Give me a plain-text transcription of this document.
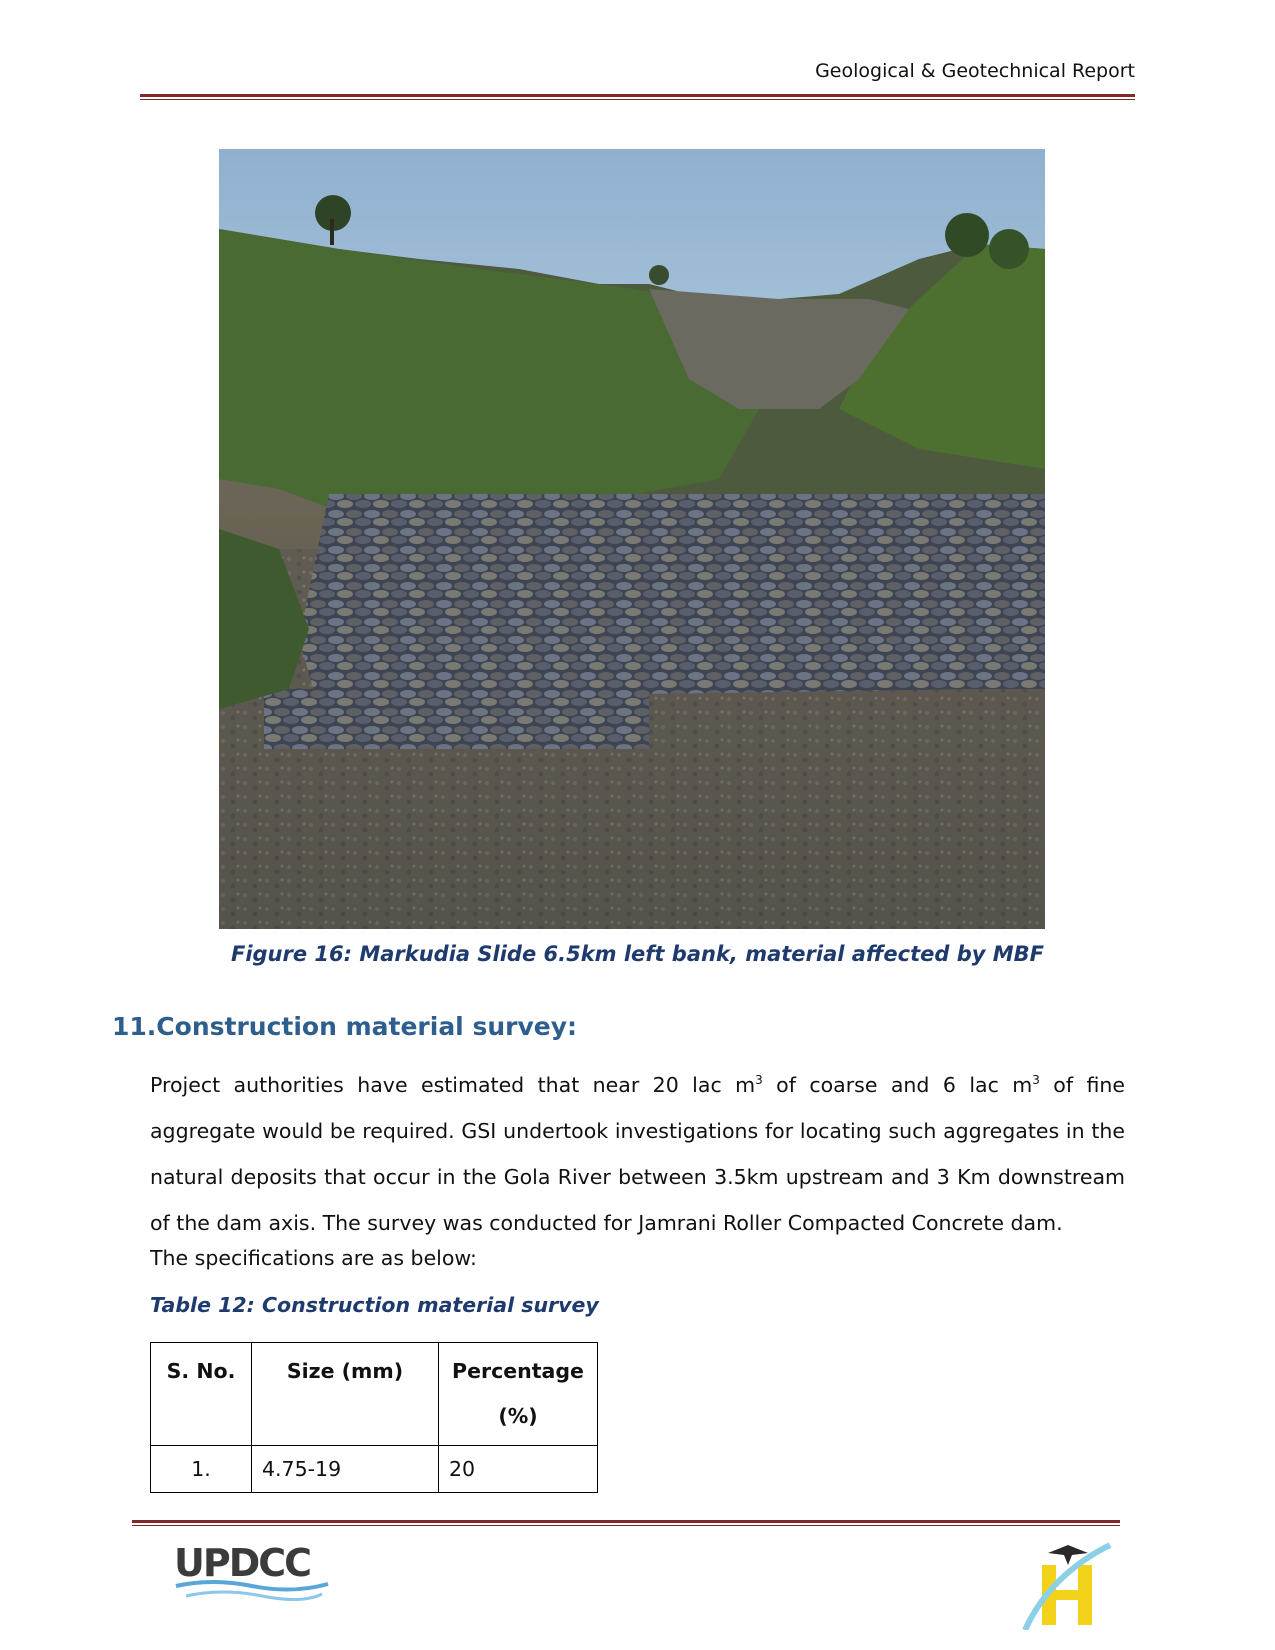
Geological & Geotechnical Report
Figure 16: Markudia Slide 6.5km left bank, material affected by MBF
11.Construction material survey:
Project authorities have estimated that near 20 lac $m^3$ of coarse and 6 lac $m^3$ of fine aggregate would be required. GSI undertook investigations for locating such aggregates in the natural deposits that occur in the Gola River between 3.5km upstream and 3 Km downstream of the dam axis. The survey was conducted for Jamrani Roller Compacted Concrete dam.
The specifications are as below:
Table 12: Construction material survey
S. No.	Size (mm)	Percentage
(%)
1.	4.75-19	20
UPDCC
